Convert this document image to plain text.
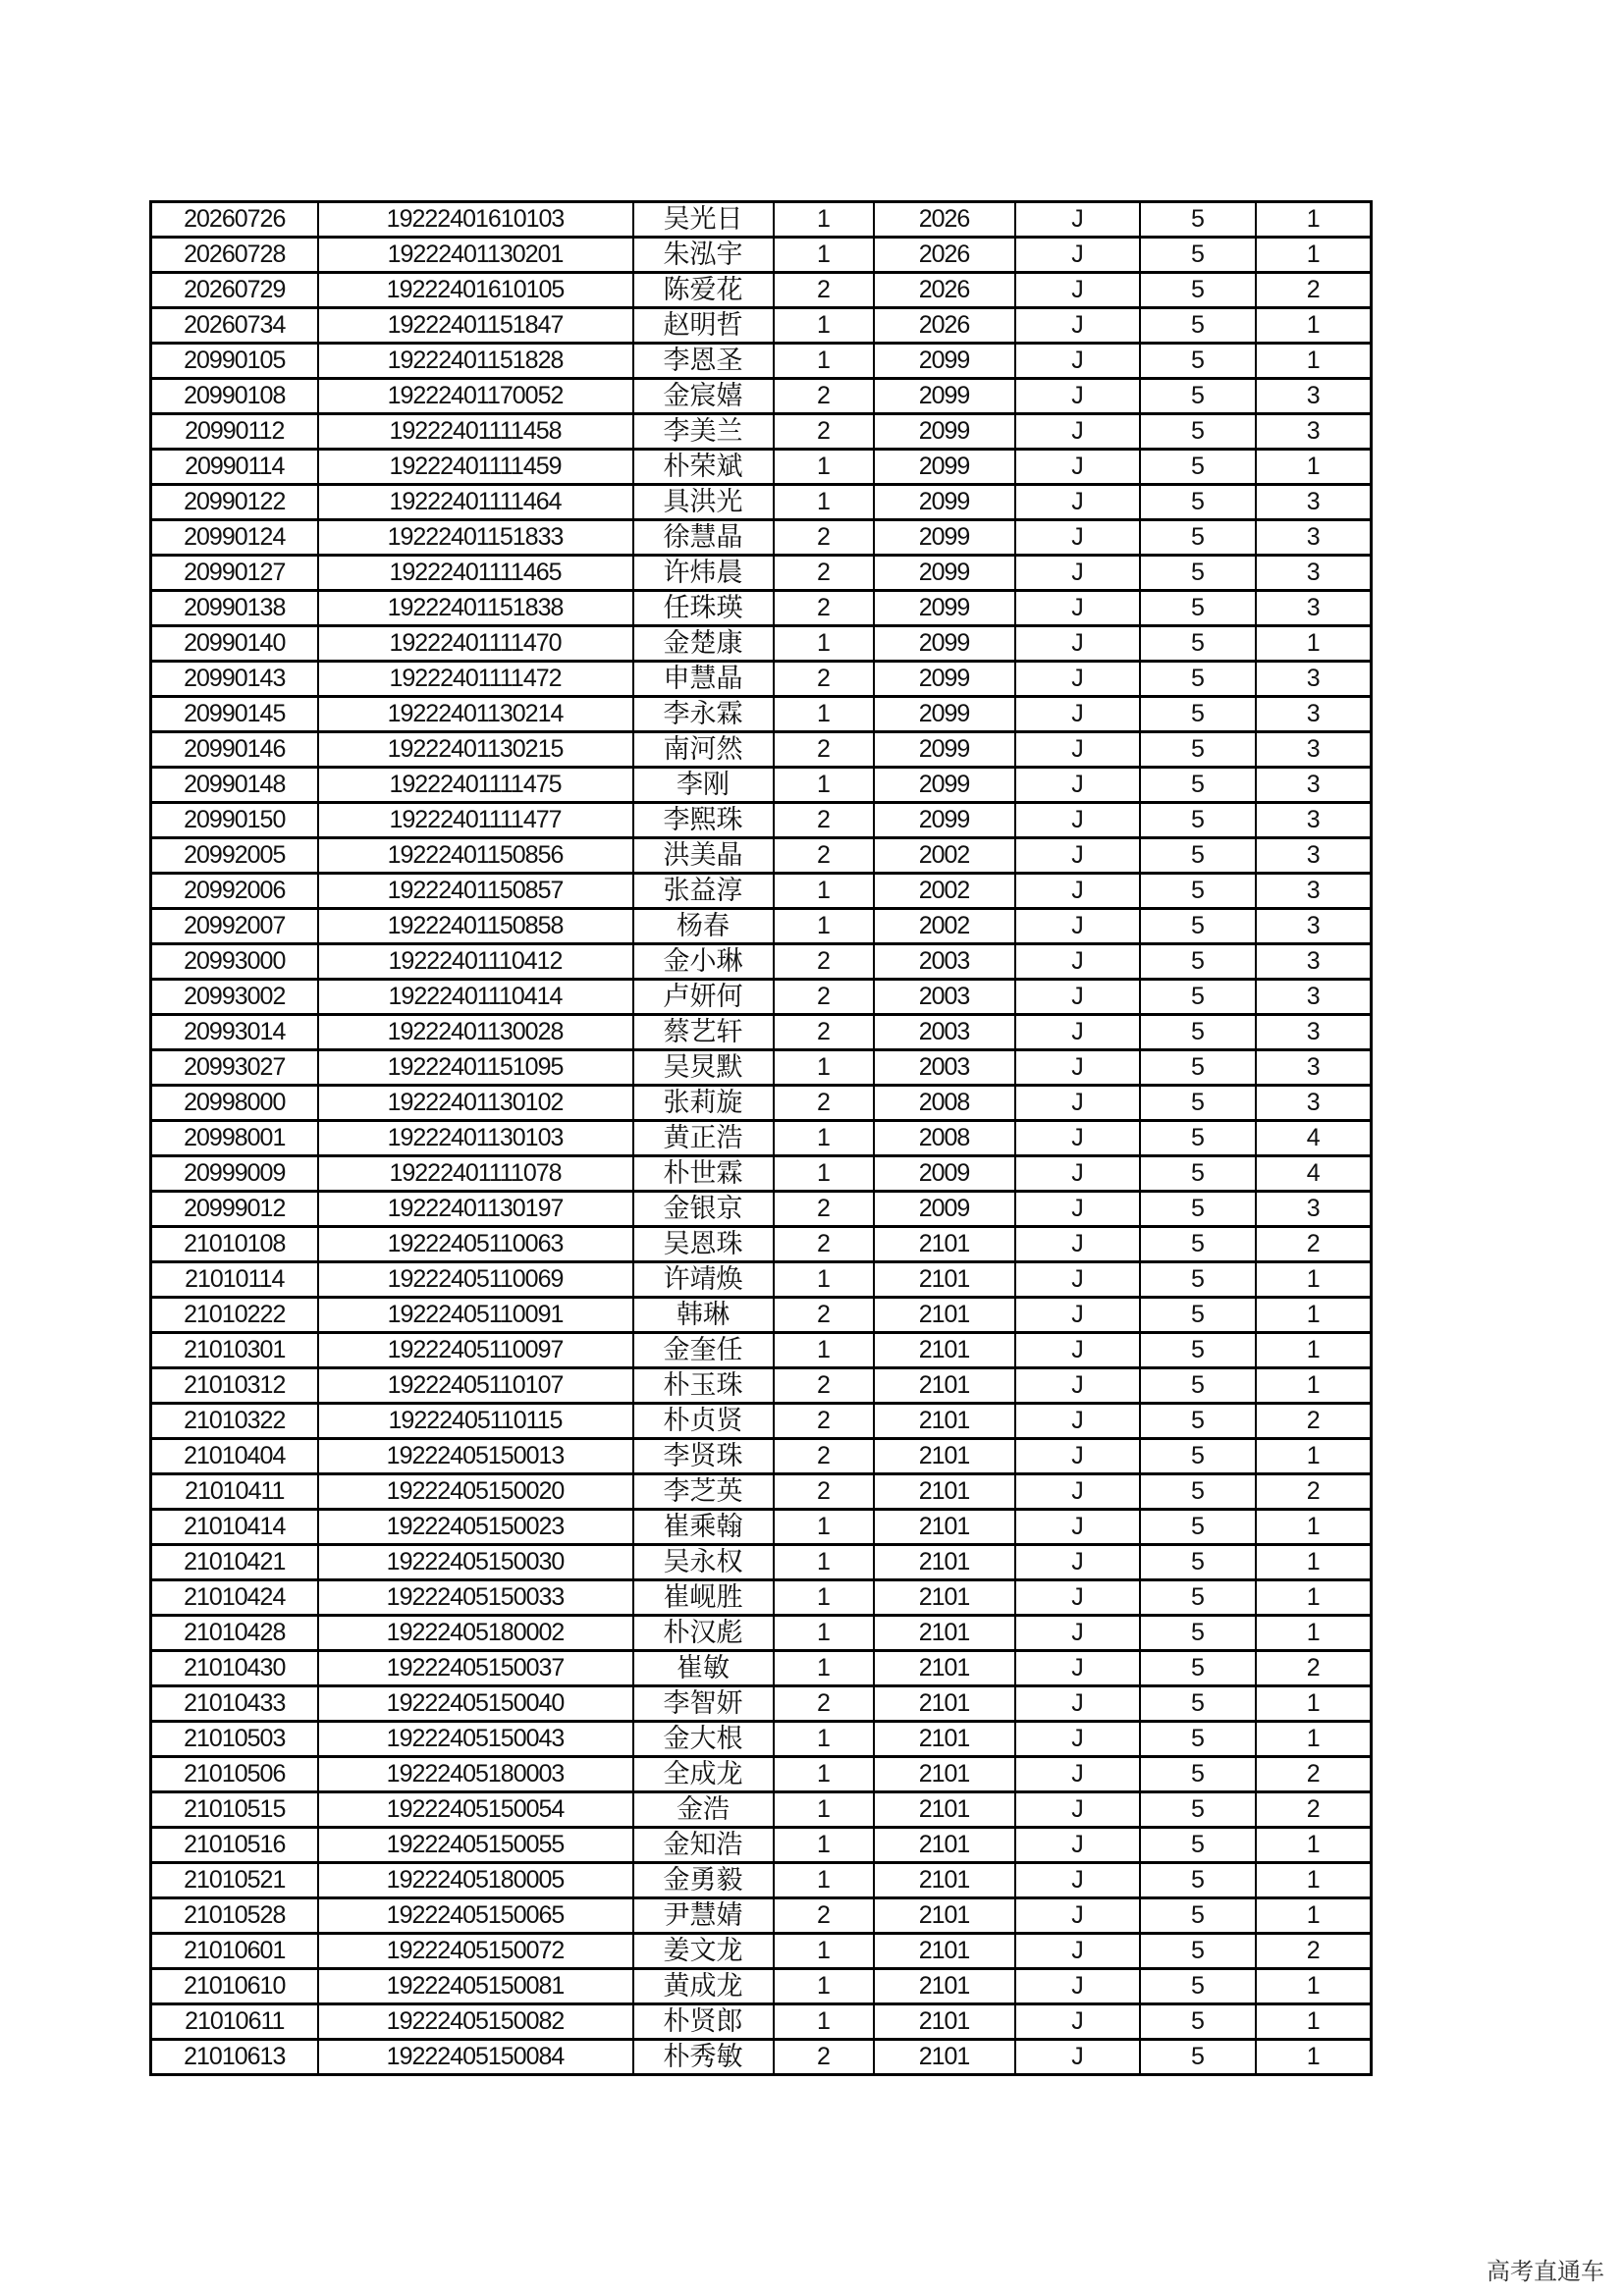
20260726	19222401610103	吴光日	1	2026	J	5	1
20260728	19222401130201	朱泓宇	1	2026	J	5	1
20260729	19222401610105	陈爱花	2	2026	J	5	2
20260734	19222401151847	赵明哲	1	2026	J	5	1
20990105	19222401151828	李恩圣	1	2099	J	5	1
20990108	19222401170052	金宸嬉	2	2099	J	5	3
20990112	19222401111458	李美兰	2	2099	J	5	3
20990114	19222401111459	朴荣斌	1	2099	J	5	1
20990122	19222401111464	具洪光	1	2099	J	5	3
20990124	19222401151833	徐慧晶	2	2099	J	5	3
20990127	19222401111465	许炜晨	2	2099	J	5	3
20990138	19222401151838	任珠瑛	2	2099	J	5	3
20990140	19222401111470	金楚康	1	2099	J	5	1
20990143	19222401111472	申慧晶	2	2099	J	5	3
20990145	19222401130214	李永霖	1	2099	J	5	3
20990146	19222401130215	南河然	2	2099	J	5	3
20990148	19222401111475	李刚	1	2099	J	5	3
20990150	19222401111477	李熙珠	2	2099	J	5	3
20992005	19222401150856	洪美晶	2	2002	J	5	3
20992006	19222401150857	张益淳	1	2002	J	5	3
20992007	19222401150858	杨春	1	2002	J	5	3
20993000	19222401110412	金小琳	2	2003	J	5	3
20993002	19222401110414	卢妍何	2	2003	J	5	3
20993014	19222401130028	蔡艺轩	2	2003	J	5	3
20993027	19222401151095	吴炅默	1	2003	J	5	3
20998000	19222401130102	张莉旋	2	2008	J	5	3
20998001	19222401130103	黄正浩	1	2008	J	5	4
20999009	19222401111078	朴世霖	1	2009	J	5	4
20999012	19222401130197	金银京	2	2009	J	5	3
21010108	19222405110063	吴恩珠	2	2101	J	5	2
21010114	19222405110069	许靖焕	1	2101	J	5	1
21010222	19222405110091	韩琳	2	2101	J	5	1
21010301	19222405110097	金奎任	1	2101	J	5	1
21010312	19222405110107	朴玉珠	2	2101	J	5	1
21010322	19222405110115	朴贞贤	2	2101	J	5	2
21010404	19222405150013	李贤珠	2	2101	J	5	1
21010411	19222405150020	李芝英	2	2101	J	5	2
21010414	19222405150023	崔乘翰	1	2101	J	5	1
21010421	19222405150030	吴永权	1	2101	J	5	1
21010424	19222405150033	崔岘胜	1	2101	J	5	1
21010428	19222405180002	朴汉彪	1	2101	J	5	1
21010430	19222405150037	崔敏	1	2101	J	5	2
21010433	19222405150040	李智妍	2	2101	J	5	1
21010503	19222405150043	金大根	1	2101	J	5	1
21010506	19222405180003	全成龙	1	2101	J	5	2
21010515	19222405150054	金浩	1	2101	J	5	2
21010516	19222405150055	金知浩	1	2101	J	5	1
21010521	19222405180005	金勇毅	1	2101	J	5	1
21010528	19222405150065	尹慧婧	2	2101	J	5	1
21010601	19222405150072	姜文龙	1	2101	J	5	2
21010610	19222405150081	黄成龙	1	2101	J	5	1
21010611	19222405150082	朴贤郎	1	2101	J	5	1
21010613	19222405150084	朴秀敏	2	2101	J	5	1
高考直通车
